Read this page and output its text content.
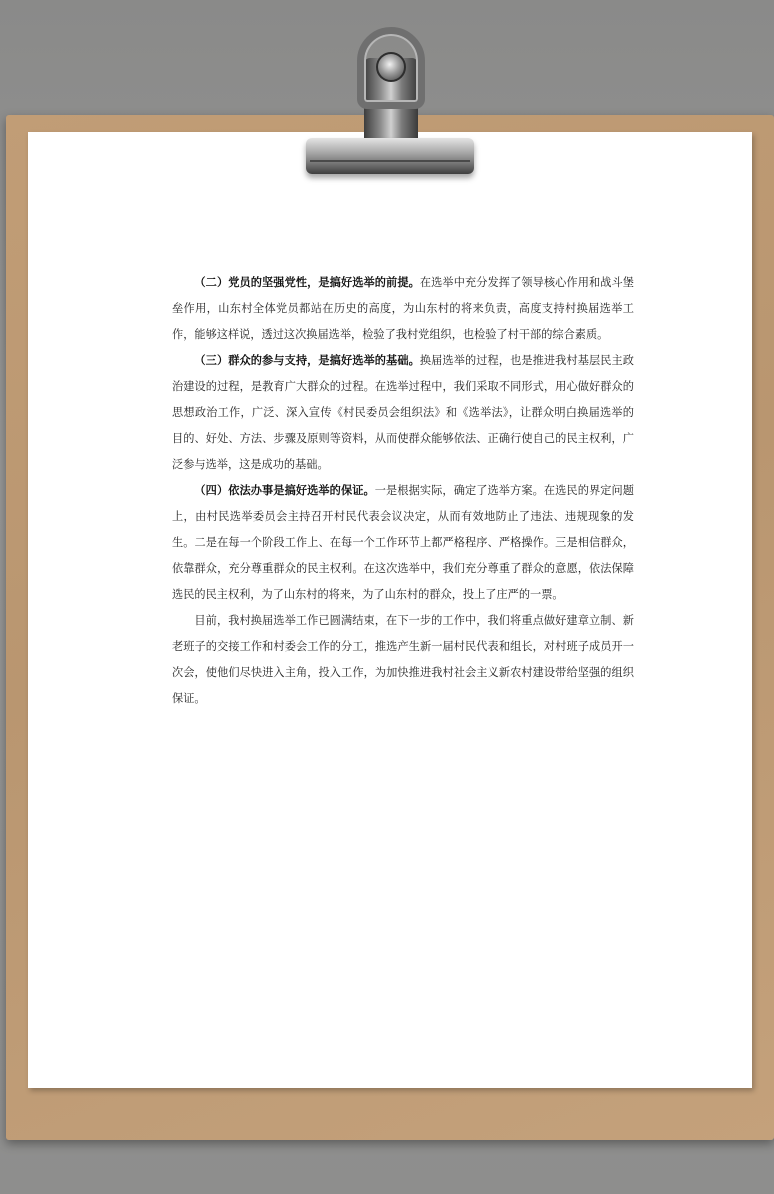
（二）党员的坚强党性，是搞好选举的前提。在选举中充分发挥了领导核心作用和战斗堡垒作用，山东村全体党员都站在历史的高度，为山东村的将来负责，高度支持村换届选举工作，能够这样说，透过这次换届选举，检验了我村党组织，也检验了村干部的综合素质。

（三）群众的参与支持，是搞好选举的基础。换届选举的过程，也是推进我村基层民主政治建设的过程，是教育广大群众的过程。在选举过程中，我们采取不同形式，用心做好群众的思想政治工作，广泛、深入宣传《村民委员会组织法》和《选举法》，让群众明白换届选举的目的、好处、方法、步骤及原则等资料，从而使群众能够依法、正确行使自己的民主权利，广泛参与选举，这是成功的基础。

（四）依法办事是搞好选举的保证。一是根据实际，确定了选举方案。在选民的界定问题上，由村民选举委员会主持召开村民代表会议决定，从而有效地防止了违法、违规现象的发生。二是在每一个阶段工作上、在每一个工作环节上都严格程序、严格操作。三是相信群众，依靠群众，充分尊重群众的民主权利。在这次选举中，我们充分尊重了群众的意愿，依法保障选民的民主权利，为了山东村的将来，为了山东村的群众，投上了庄严的一票。

目前，我村换届选举工作已圆满结束，在下一步的工作中，我们将重点做好建章立制、新老班子的交接工作和村委会工作的分工，推选产生新一届村民代表和组长，对村班子成员开一次会，使他们尽快进入主角，投入工作，为加快推进我村社会主义新农村建设带给坚强的组织保证。
